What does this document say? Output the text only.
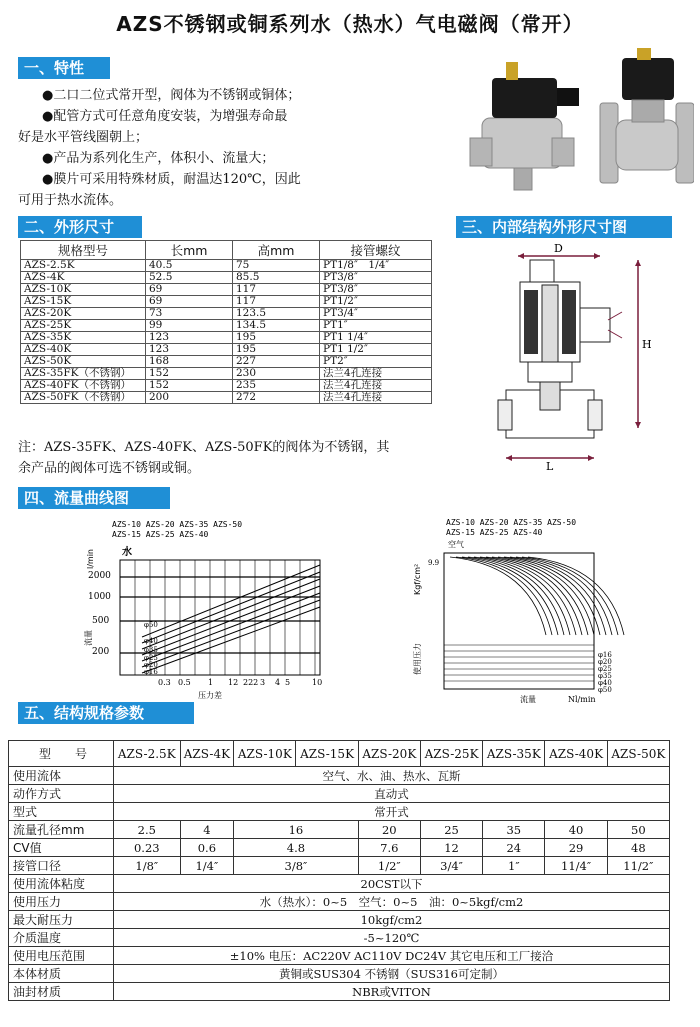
AZS不锈钢或铜系列水（热水）气电磁阀（常开）
一、特性
●二口二位式常开型，阀体为不锈钢或铜体；
●配管方式可任意角度安装，为增强寿命最
好是水平管线圈朝上；
●产品为系列化生产，体积小、流量大；
●膜片可采用特殊材质，耐温达120℃，因此
可用于热水流体。
二、外形尺寸
规格型号	长mm	高mm	接管螺纹
AZS-2.5K	40.5	75	PT1/8″　1/4″
AZS-4K	52.5	85.5	PT3/8″
AZS-10K	69	117	PT3/8″
AZS-15K	69	117	PT1/2″
AZS-20K	73	123.5	PT3/4″
AZS-25K	99	134.5	PT1″
AZS-35K	123	195	PT1 1/4″
AZS-40K	123	195	PT1 1/2″
AZS-50K	168	227	PT2″
AZS-35FK（不锈钢）	152	230	法兰4孔连接
AZS-40FK（不锈钢）	152	235	法兰4孔连接
AZS-50FK（不锈钢）	200	272	法兰4孔连接
注：AZS-35FK、AZS-40FK、AZS-50FK的阀体为不锈钢，其
余产品的阀体可选不锈钢或铜。
三、内部结构外形尺寸图
D
H
L
四、流量曲线图
AZS-10 AZS-20 AZS-35 AZS-50
AZS-15 AZS-25 AZS-40
l/min	水
流量
2000
1000
500
200
φ50
φ40
φ35
φ25
φ20
φ16
0.3 0.5 1 12 222 3 4 5	10
压力差
AZS-10 AZS-20 AZS-35 AZS-50
AZS-15 AZS-25 AZS-40
空气
Kgf/cm²
9.9
使用压力	φ16
φ20
φ25
φ35
φ40
φ50
流量	Nl/min
五、结构规格参数
型　　号	AZS-2.5K	AZS-4K	AZS-10K	AZS-15K	AZS-20K	AZS-25K	AZS-35K	AZS-40K	AZS-50K
使用流体	空气、水、油、热水、瓦斯								
动作方式	直动式								
型式	常开式								
流量孔径mm	2.5	4	16		20	25	35	40	50
CV值	0.23	0.6	4.8		7.6	12	24	29	48
接管口径	1/8″	1/4″	3/8″		1/2″	3/4″	1″	11/4″	11/2″
使用流体粘度	20CST以下								
使用压力	水（热水）：0~5　空气：0~5　油：0~5kgf/cm2								
最大耐压力	10kgf/cm2								
介质温度	-5~120℃								
使用电压范围	±10% 电压：AC220V AC110V DC24V 其它电压和工厂接洽								
本体材质	黄铜或SUS304 不锈钢（SUS316可定制）								
油封材质	NBR或VITON								
